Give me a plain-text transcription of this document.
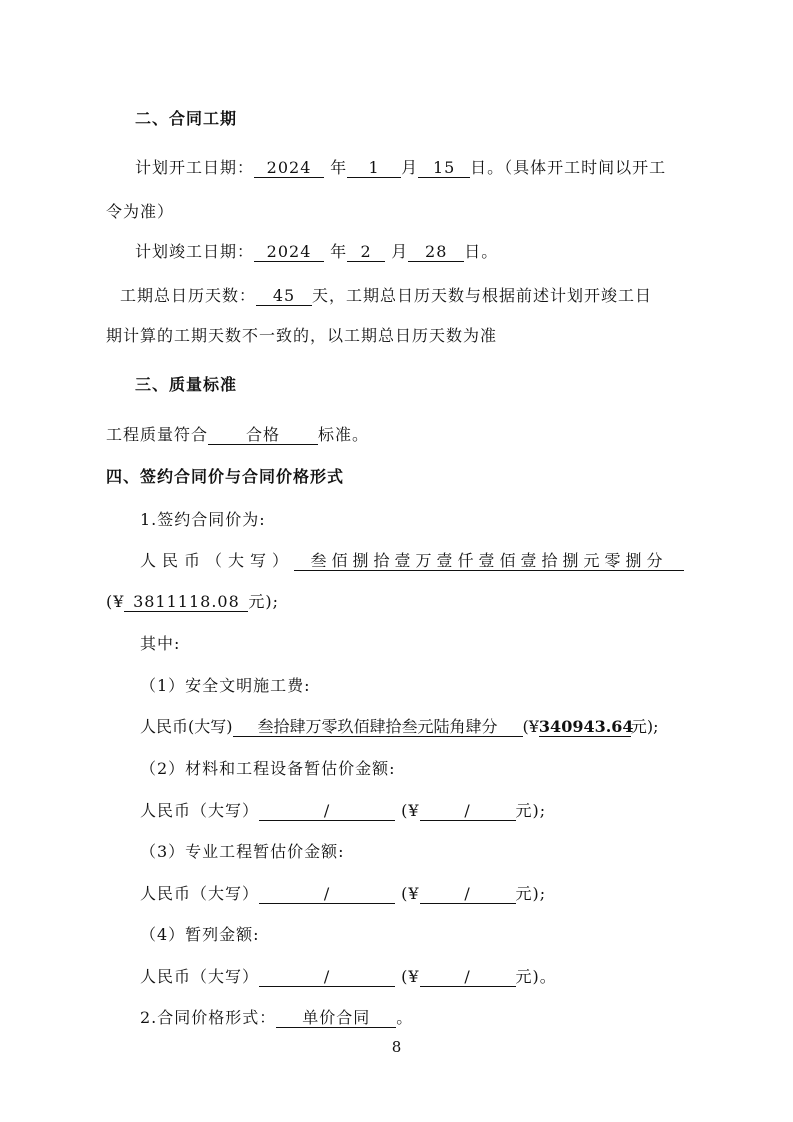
二、合同工期
计划开工日期： 2024 年 1 月 15 日。（具体开工时间以开工
令为准）
计划竣工日期： 2024 年 2 月 28 日。
工期总日历天数： 45 天，工期总日历天数与根据前述计划开竣工日
期计算的工期天数不一致的，以工期总日历天数为准
三、质量标准
工程质量符合 合格 标准。
四、签约合同价与合同价格形式
1.签约合同价为:
人民币（大写） 叁佰捌拾壹万壹仟壹佰壹拾捌元零捌分
(¥ 3811118.08 元);
其中:
（1）安全文明施工费:
人民币(大写) 叁拾肆万零玖佰肆拾叁元陆角肆分 (¥340943.64元);
（2）材料和工程设备暂估价金额:
人民币（大写）	/	(¥	/	元);
（3）专业工程暂估价金额:
人民币（大写）	/	(¥	/	元);
（4）暂列金额:
人民币（大写）	/	(¥	/	元)。
2.合同价格形式： 单价合同 。
8
